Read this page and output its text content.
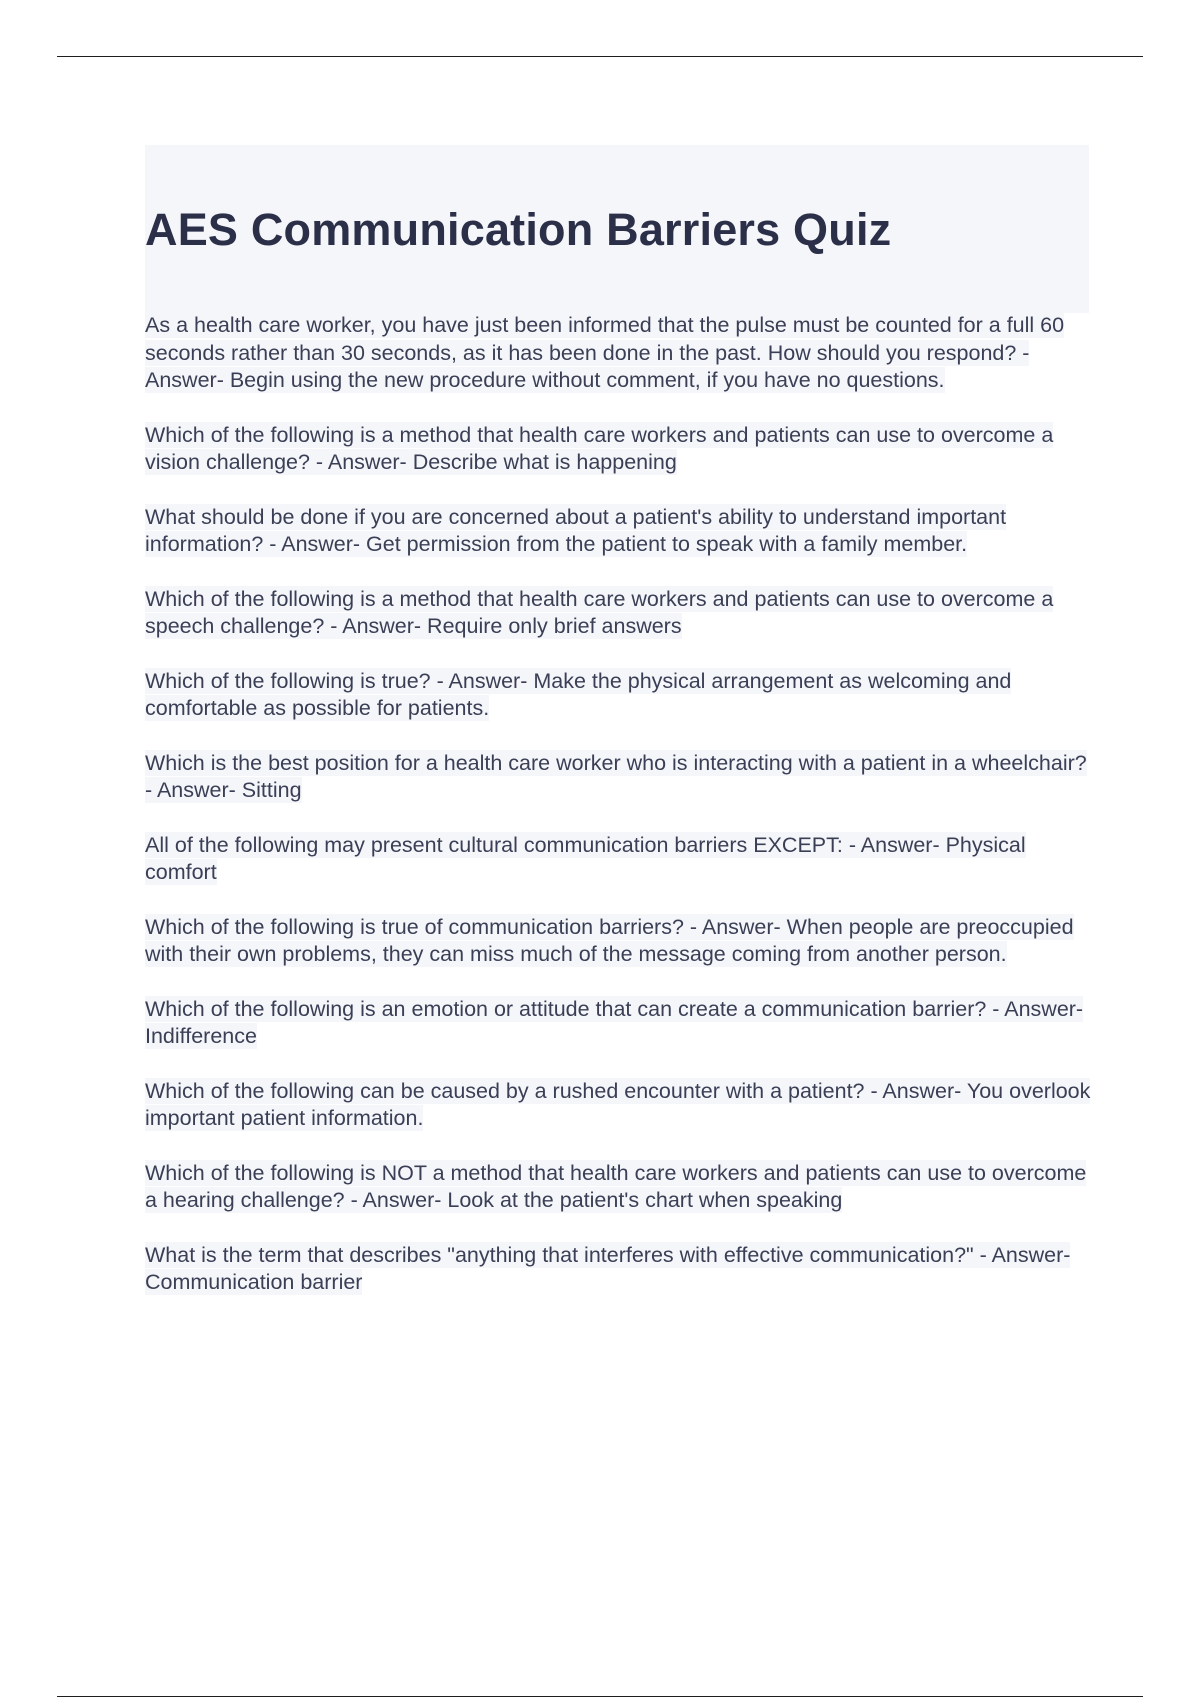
AES Communication Barriers Quiz

As a health care worker, you have just been informed that the pulse must be counted for a full 60 seconds rather than 30 seconds, as it has been done in the past. How should you respond? - Answer- Begin using the new procedure without comment, if you have no questions.

Which of the following is a method that health care workers and patients can use to overcome a vision challenge? - Answer- Describe what is happening

What should be done if you are concerned about a patient's ability to understand important information? - Answer- Get permission from the patient to speak with a family member.

Which of the following is a method that health care workers and patients can use to overcome a speech challenge? - Answer- Require only brief answers

Which of the following is true? - Answer- Make the physical arrangement as welcoming and comfortable as possible for patients.

Which is the best position for a health care worker who is interacting with a patient in a wheelchair? - Answer- Sitting

All of the following may present cultural communication barriers EXCEPT: - Answer- Physical comfort

Which of the following is true of communication barriers? - Answer- When people are preoccupied with their own problems, they can miss much of the message coming from another person.

Which of the following is an emotion or attitude that can create a communication barrier? - Answer- Indifference

Which of the following can be caused by a rushed encounter with a patient? - Answer- You overlook important patient information.

Which of the following is NOT a method that health care workers and patients can use to overcome a hearing challenge? - Answer- Look at the patient's chart when speaking

What is the term that describes "anything that interferes with effective communication?" - Answer- Communication barrier
